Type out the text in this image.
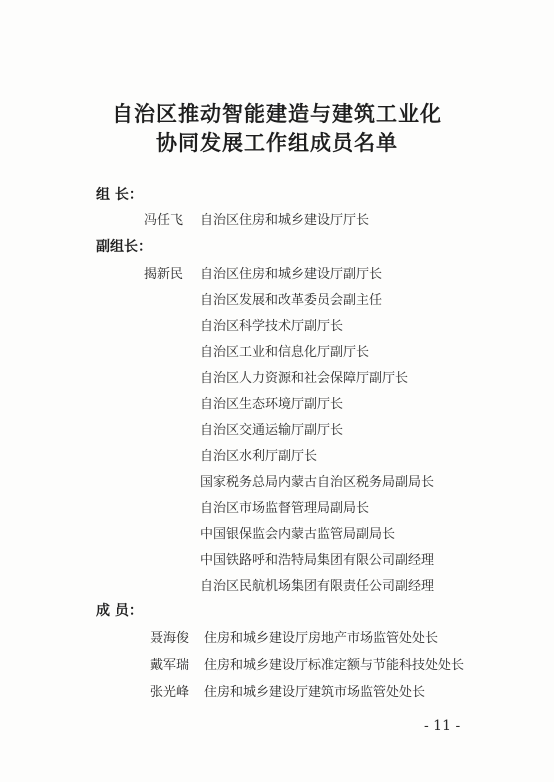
自治区推动智能建造与建筑工业化
协同发展工作组成员名单
组 长：
冯任飞 自治区住房和城乡建设厅厅长
副组长：
揭新民 自治区住房和城乡建设厅副厅长
自治区发展和改革委员会副主任
自治区科学技术厅副厅长
自治区工业和信息化厅副厅长
自治区人力资源和社会保障厅副厅长
自治区生态环境厅副厅长
自治区交通运输厅副厅长
自治区水利厅副厅长
国家税务总局内蒙古自治区税务局副局长
自治区市场监督管理局副局长
中国银保监会内蒙古监管局副局长
中国铁路呼和浩特局集团有限公司副经理
自治区民航机场集团有限责任公司副经理
成 员：
聂海俊 住房和城乡建设厅房地产市场监管处处长
戴军瑞 住房和城乡建设厅标准定额与节能科技处处长
张光峰 住房和城乡建设厅建筑市场监管处处长
- 11 -
